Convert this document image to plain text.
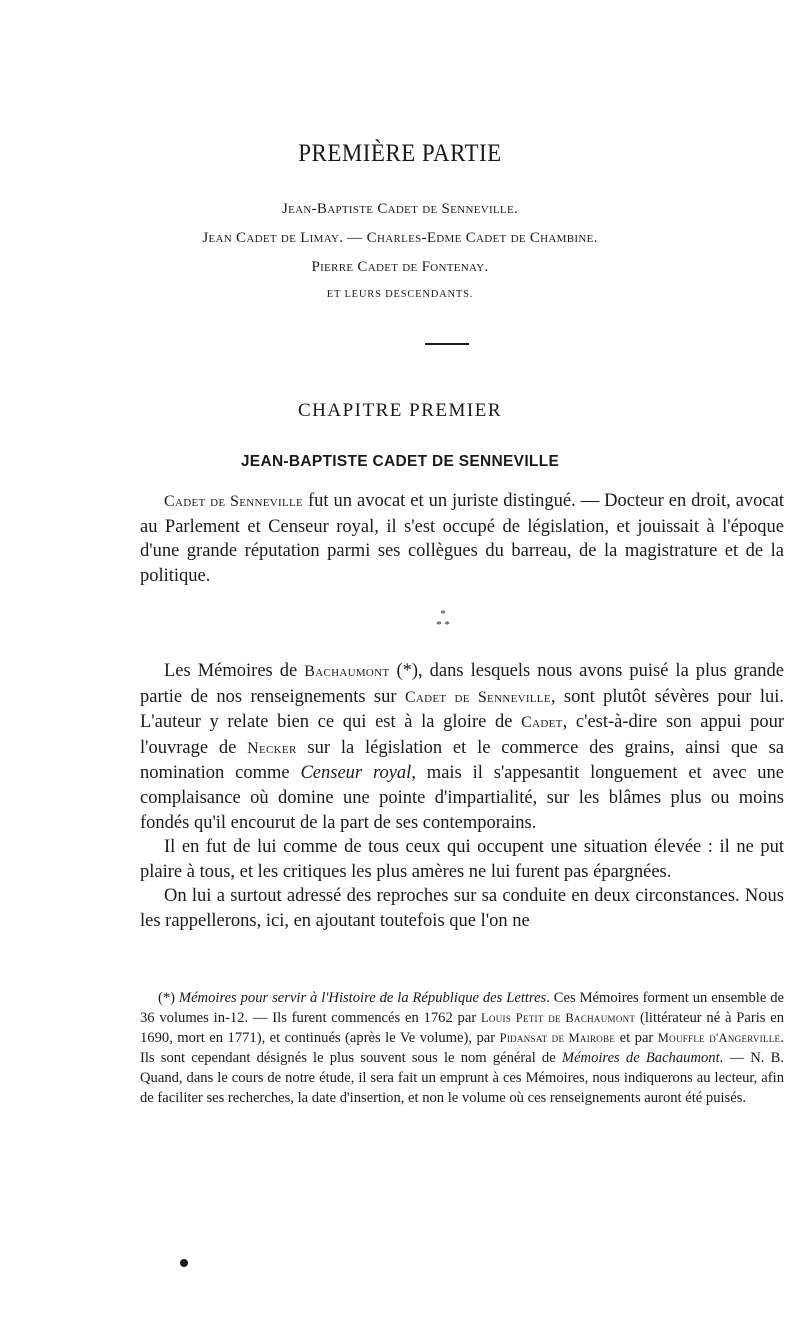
PREMIÈRE PARTIE
Jean-Baptiste Cadet de Senneville.
Jean Cadet de Limay. — Charles-Edme Cadet de Chambine.
Pierre Cadet de Fontenay.
ET LEURS DESCENDANTS.
CHAPITRE PREMIER
JEAN-BAPTISTE CADET DE SENNEVILLE

Cadet de Senneville fut un avocat et un juriste distingué. — Docteur en droit, avocat au Parlement et Censeur royal, il s'est occupé de législation, et jouissait à l'époque d'une grande réputation parmi ses collègues du barreau, de la magistrature et de la politique.

*
* *

Les Mémoires de Bachaumont (*), dans lesquels nous avons puisé la plus grande partie de nos renseignements sur Cadet de Senneville, sont plutôt sévères pour lui. L'auteur y relate bien ce qui est à la gloire de Cadet, c'est-à-dire son appui pour l'ouvrage de Necker sur la législation et le commerce des grains, ainsi que sa nomination comme Censeur royal, mais il s'appesantit longuement et avec une complaisance où domine une pointe d'impartialité, sur les blâmes plus ou moins fondés qu'il encourut de la part de ses contemporains.

Il en fut de lui comme de tous ceux qui occupent une situation élevée : il ne put plaire à tous, et les critiques les plus amères ne lui furent pas épargnées.

On lui a surtout adressé des reproches sur sa conduite en deux circonstances. Nous les rappellerons, ici, en ajoutant toutefois que l'on ne

(*) Mémoires pour servir à l'Histoire de la République des Lettres. Ces Mémoires forment un ensemble de 36 volumes in-12. — Ils furent commencés en 1762 par Louis Petit de Bachaumont (littérateur né à Paris en 1690, mort en 1771), et continués (après le Ve volume), par Pidansat de Mairobe et par Mouffle d'Angerville. Ils sont cependant désignés le plus souvent sous le nom général de Mémoires de Bachaumont. — N. B. Quand, dans le cours de notre étude, il sera fait un emprunt à ces Mémoires, nous indiquerons au lecteur, afin de faciliter ses recherches, la date d'insertion, et non le volume où ces renseignements auront été puisés.
